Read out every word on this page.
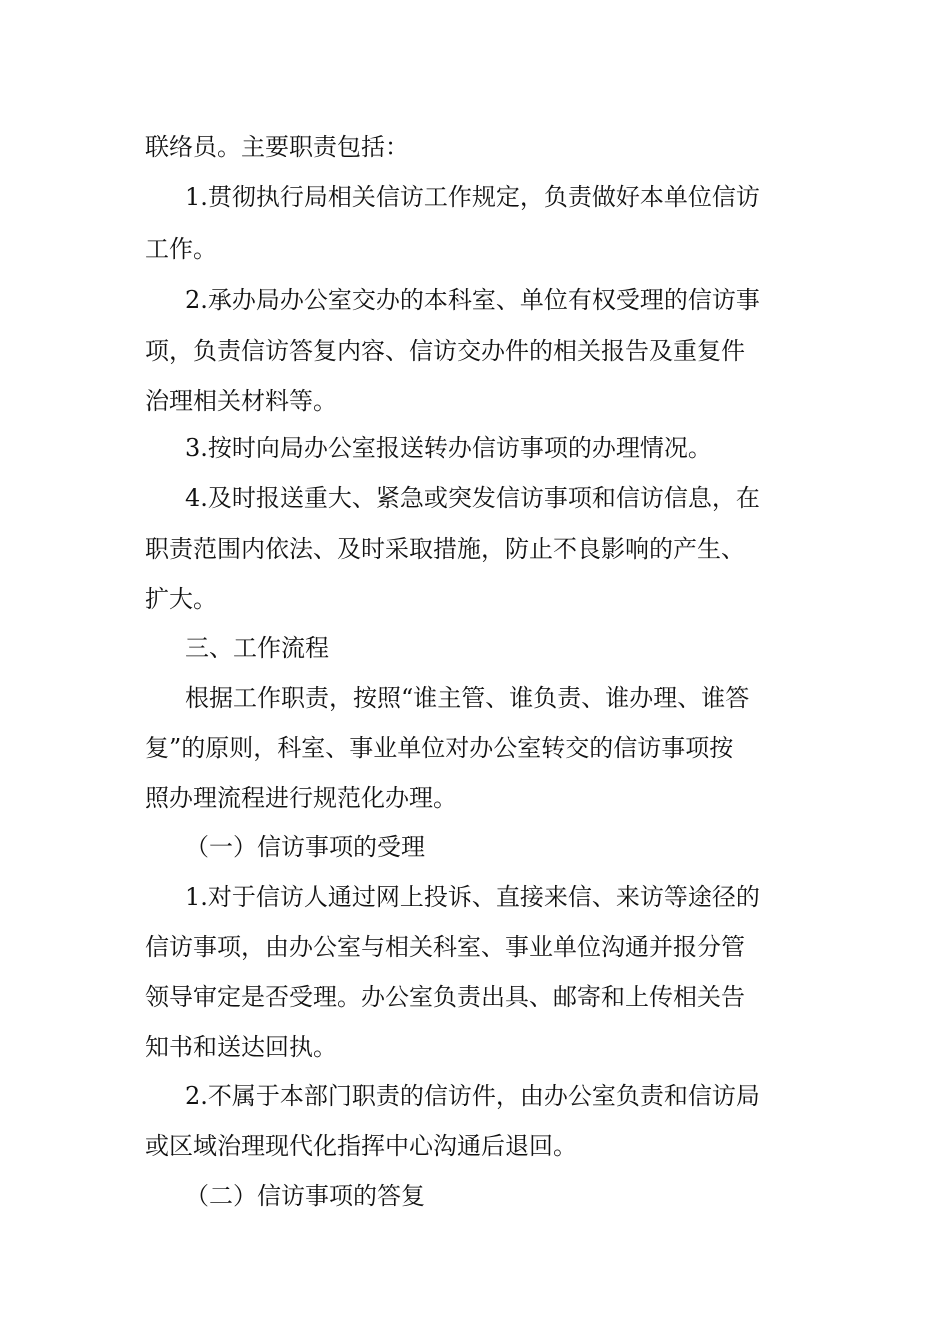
联络员。主要职责包括：

1.贯彻执行局相关信访工作规定，负责做好本单位信访

工作。

2.承办局办公室交办的本科室、单位有权受理的信访事

项，负责信访答复内容、信访交办件的相关报告及重复件

治理相关材料等。

3.按时向局办公室报送转办信访事项的办理情况。

4.及时报送重大、紧急或突发信访事项和信访信息，在

职责范围内依法、及时采取措施，防止不良影响的产生、

扩大。

三、工作流程

根据工作职责，按照“谁主管、谁负责、谁办理、谁答

复”的原则，科室、事业单位对办公室转交的信访事项按

照办理流程进行规范化办理。

（一）信访事项的受理

1.对于信访人通过网上投诉、直接来信、来访等途径的

信访事项，由办公室与相关科室、事业单位沟通并报分管

领导审定是否受理。办公室负责出具、邮寄和上传相关告

知书和送达回执。

2.不属于本部门职责的信访件，由办公室负责和信访局

或区域治理现代化指挥中心沟通后退回。

（二）信访事项的答复
